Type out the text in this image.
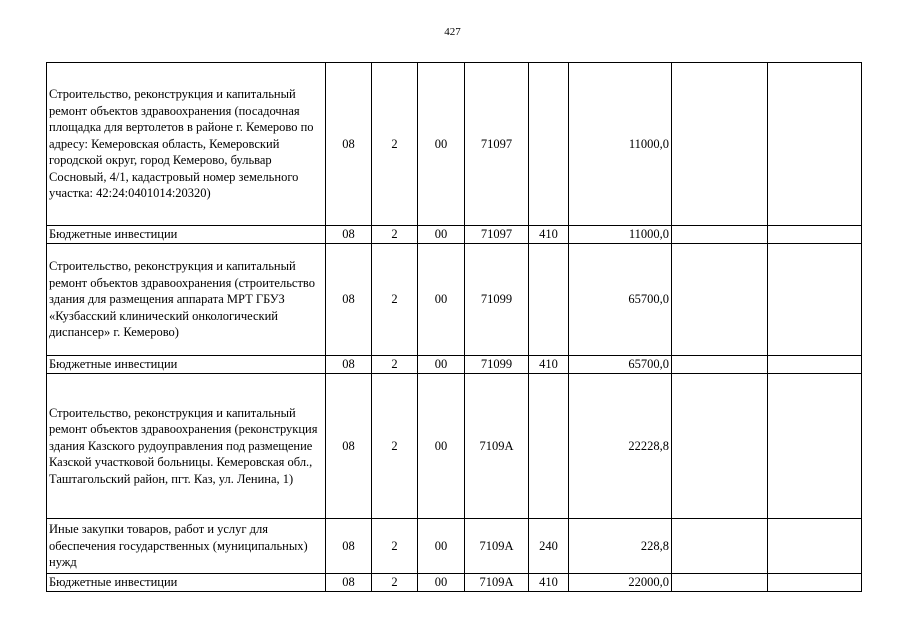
427
Строительство, реконструкция и капитальный ремонт объектов здравоохранения (посадочная площадка для вертолетов в районе г. Кемерово по адресу: Кемеровская область, Кемеровский городской округ, город Кемерово, бульвар Сосновый, 4/1, кадастровый номер земельного участка: 42:24:0401014:20320)	08	2	00	71097		11000,0		
Бюджетные инвестиции	08	2	00	71097	410	11000,0		
Строительство, реконструкция и капитальный ремонт объектов здравоохранения (строительство здания для размещения аппарата МРТ ГБУЗ «Кузбасский клинический онкологический диспансер» г. Кемерово)	08	2	00	71099		65700,0		
Бюджетные инвестиции	08	2	00	71099	410	65700,0		
Строительство, реконструкция и капитальный ремонт объектов здравоохранения (реконструкция здания Казского рудоуправления под размещение Казской участковой больницы. Кемеровская обл., Таштагольский район, пгт. Каз, ул. Ленина, 1)	08	2	00	7109А		22228,8		
Иные закупки товаров, работ и услуг для обеспечения государственных (муниципальных) нужд	08	2	00	7109А	240	228,8		
Бюджетные инвестиции	08	2	00	7109А	410	22000,0		
